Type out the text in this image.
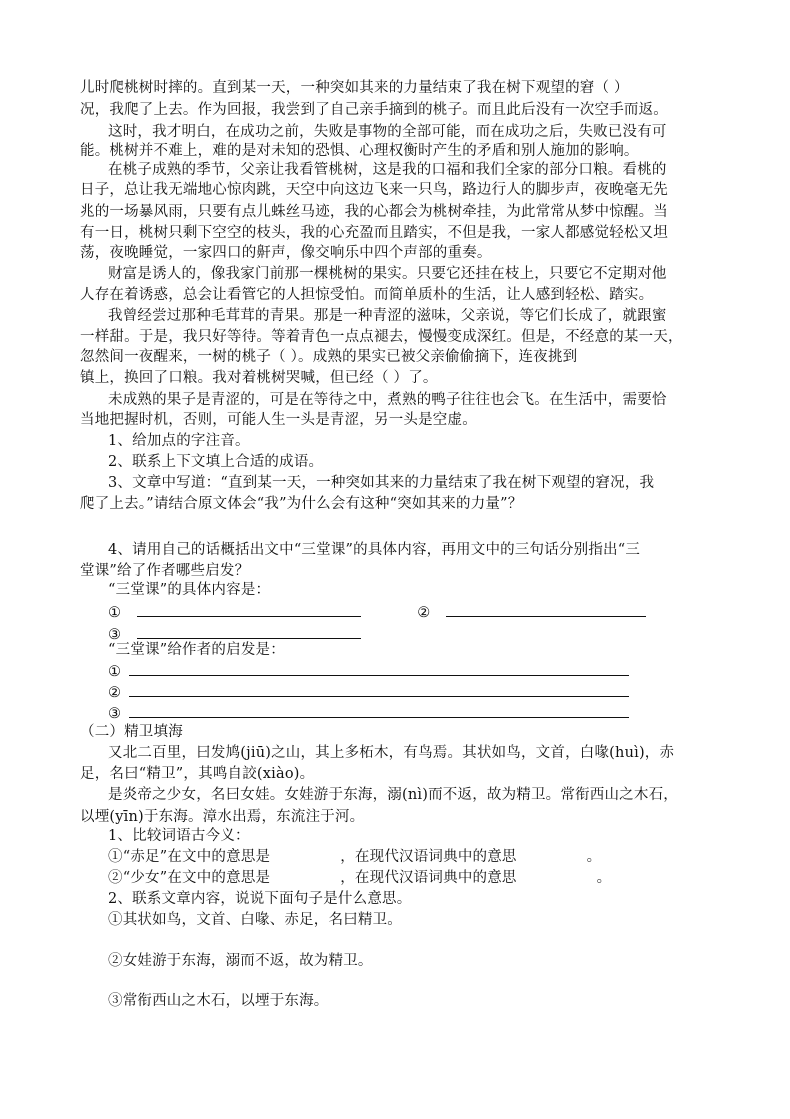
儿时爬桃树时摔的。直到某一天，一种突如其来的力量结束了我在树下观望的窘（ ）
况，我爬了上去。作为回报，我尝到了自己亲手摘到的桃子。而且此后没有一次空手而返。
这时，我才明白，在成功之前，失败是事物的全部可能，而在成功之后，失败已没有可
能。桃树并不难上，难的是对未知的恐惧、心理权衡时产生的矛盾和别人施加的影响。
在桃子成熟的季节，父亲让我看管桃树，这是我的口福和我们全家的部分口粮。看桃的
日子，总让我无端地心惊肉跳，天空中向这边飞来一只鸟，路边行人的脚步声，夜晚毫无先
兆的一场暴风雨，只要有点儿蛛丝马迹，我的心都会为桃树牵挂，为此常常从梦中惊醒。当
有一日，桃树只剩下空空的枝头，我的心充盈而且踏实，不但是我，一家人都感觉轻松又坦
荡，夜晚睡觉，一家四口的鼾声，像交响乐中四个声部的重奏。
财富是诱人的，像我家门前那一棵桃树的果实。只要它还挂在枝上，只要它不定期对他
人存在着诱惑，总会让看管它的人担惊受怕。而简单质朴的生活，让人感到轻松、踏实。
我曾经尝过那种毛茸茸的青果。那是一种青涩的滋味，父亲说，等它们长成了，就跟蜜
一样甜。于是，我只好等待。等着青色一点点褪去，慢慢变成深红。但是，不经意的某一天，
忽然间一夜醒来，一树的桃子（ ）。成熟的果实已被父亲偷偷摘下，连夜挑到
镇上，换回了口粮。我对着桃树哭喊，但已经（ ）了。
未成熟的果子是青涩的，可是在等待之中，煮熟的鸭子往往也会飞。在生活中，需要恰
当地把握时机，否则，可能人生一头是青涩，另一头是空虚。
1、给加点的字注音。
2、联系上下文填上合适的成语。
3、文章中写道：“直到某一天，一种突如其来的力量结束了我在树下观望的窘况，我
爬了上去。”请结合原文体会“我”为什么会有这种“突如其来的力量”？
4、请用自己的话概括出文中“三堂课”的具体内容，再用文中的三句话分别指出“三
堂课”给了作者哪些启发？
“三堂课”的具体内容是：
①	②
③
“三堂课”给作者的启发是：
①
②
③
（二）精卫填海
又北二百里，曰发鸠(jiū)之山，其上多柘木，有鸟焉。其状如鸟，文首，白喙(huì)，赤
足，名曰“精卫”，其鸣自詨(xiào)。
是炎帝之少女，名曰女娃。女娃游于东海，溺(nì)而不返，故为精卫。常衔西山之木石，
以堙(yīn)于东海。漳水出焉，东流注于河。
1、比较词语古今义：
①“赤足”在文中的意思是	，在现代汉语词典中的意思	。
②“少女”在文中的意思是	，在现代汉语词典中的意思	。
2、联系文章内容，说说下面句子是什么意思。
①其状如鸟，文首、白喙、赤足，名曰精卫。
②女娃游于东海，溺而不返，故为精卫。
③常衔西山之木石，以堙于东海。
